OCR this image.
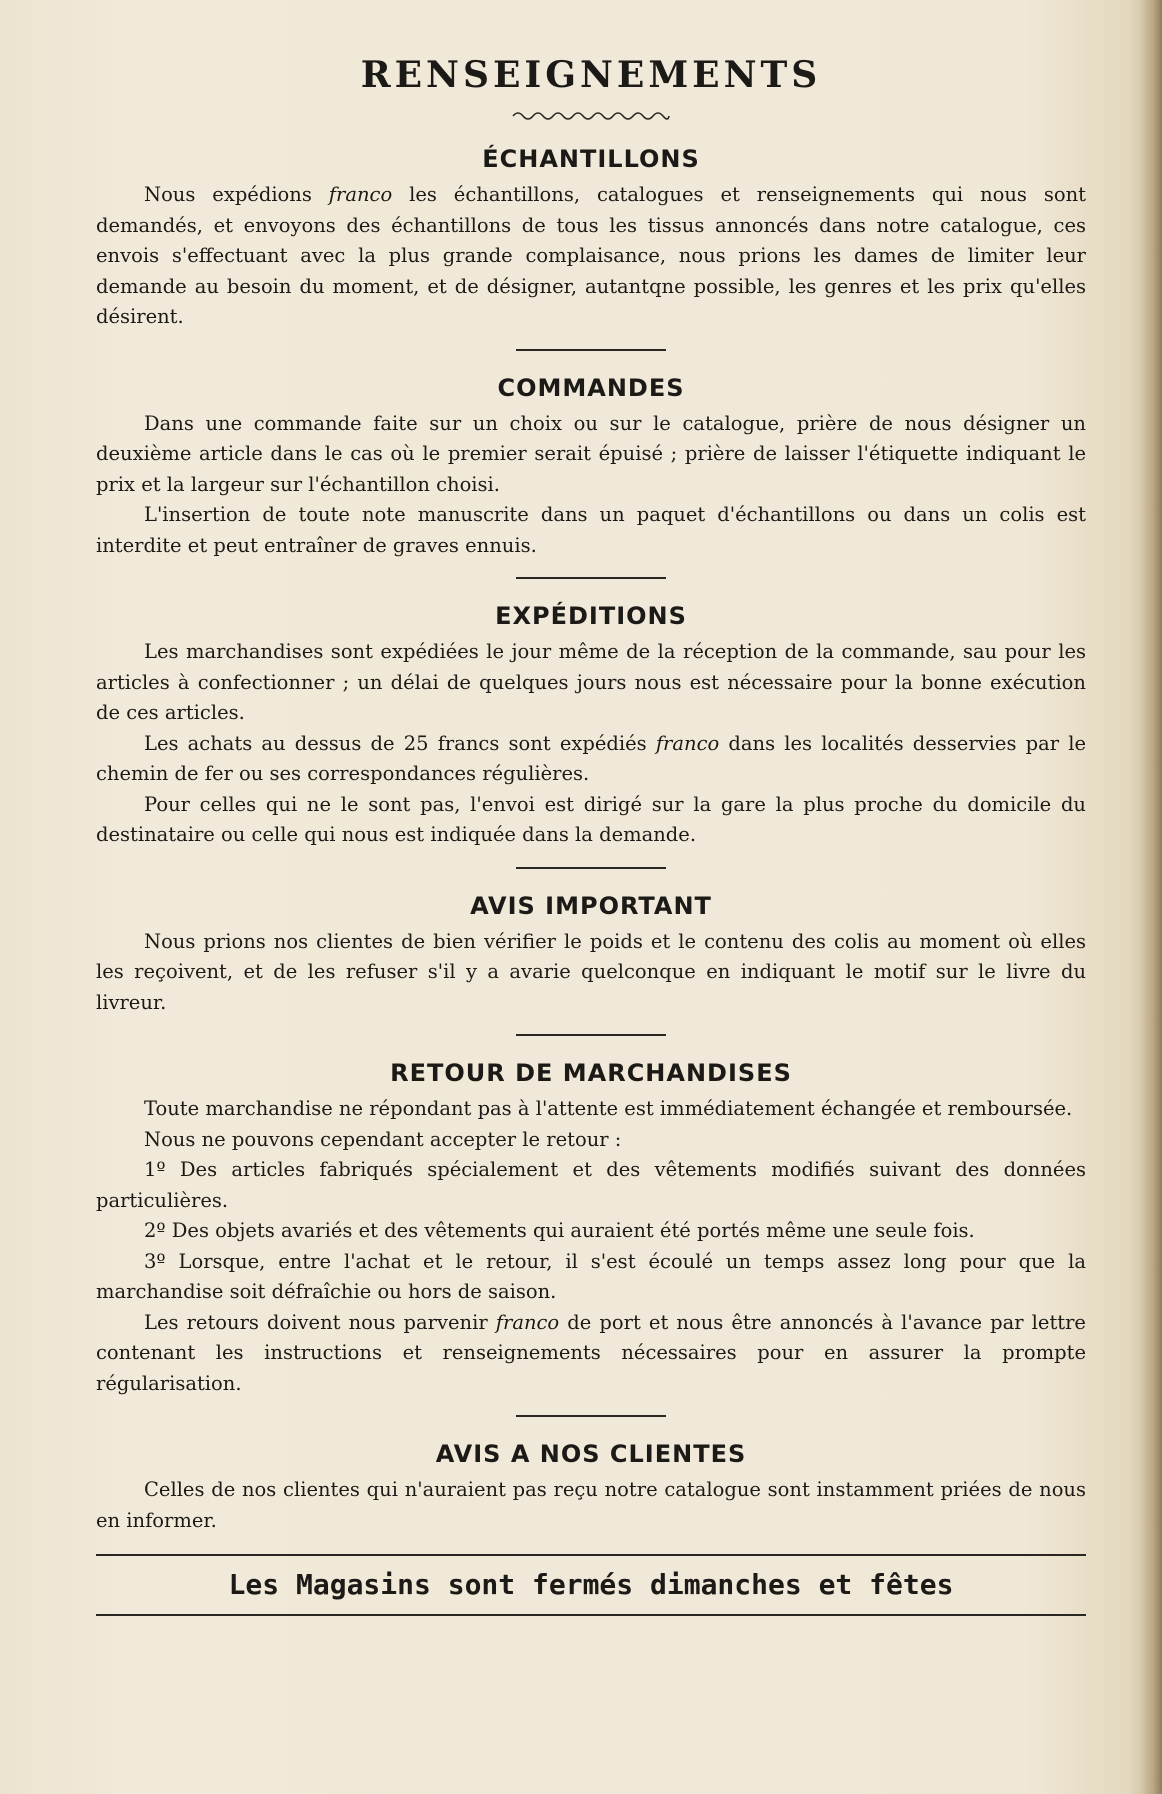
RENSEIGNEMENTS
ÉCHANTILLONS

Nous expédions franco les échantillons, catalogues et renseignements qui nous sont demandés, et envoyons des échantillons de tous les tissus annoncés dans notre catalogue, ces envois s'effectuant avec la plus grande complaisance, nous prions les dames de limiter leur demande au besoin du moment, et de désigner, autantqne possible, les genres et les prix qu'elles désirent.

COMMANDES

Dans une commande faite sur un choix ou sur le catalogue, prière de nous désigner un deuxième article dans le cas où le premier serait épuisé ; prière de laisser l'étiquette indiquant le prix et la largeur sur l'échantillon choisi.

L'insertion de toute note manuscrite dans un paquet d'échantillons ou dans un colis est interdite et peut entraîner de graves ennuis.

EXPÉDITIONS

Les marchandises sont expédiées le jour même de la réception de la commande, sau pour les articles à confectionner ; un délai de quelques jours nous est nécessaire pour la bonne exécution de ces articles.

Les achats au dessus de 25 francs sont expédiés franco dans les localités desservies par le chemin de fer ou ses correspondances régulières.

Pour celles qui ne le sont pas, l'envoi est dirigé sur la gare la plus proche du domicile du destinataire ou celle qui nous est indiquée dans la demande.

AVIS IMPORTANT

Nous prions nos clientes de bien vérifier le poids et le contenu des colis au moment où elles les reçoivent, et de les refuser s'il y a avarie quelconque en indiquant le motif sur le livre du livreur.

RETOUR DE MARCHANDISES

Toute marchandise ne répondant pas à l'attente est immédiatement échangée et remboursée.

Nous ne pouvons cependant accepter le retour :

1º Des articles fabriqués spécialement et des vêtements modifiés suivant des données particulières.

2º Des objets avariés et des vêtements qui auraient été portés même une seule fois.

3º Lorsque, entre l'achat et le retour, il s'est écoulé un temps assez long pour que la marchandise soit défraîchie ou hors de saison.

Les retours doivent nous parvenir franco de port et nous être annoncés à l'avance par lettre contenant les instructions et renseignements nécessaires pour en assurer la prompte régularisation.

AVIS A NOS CLIENTES

Celles de nos clientes qui n'auraient pas reçu notre catalogue sont instamment priées de nous en informer.

Les Magasins sont fermés dimanches et fêtes
